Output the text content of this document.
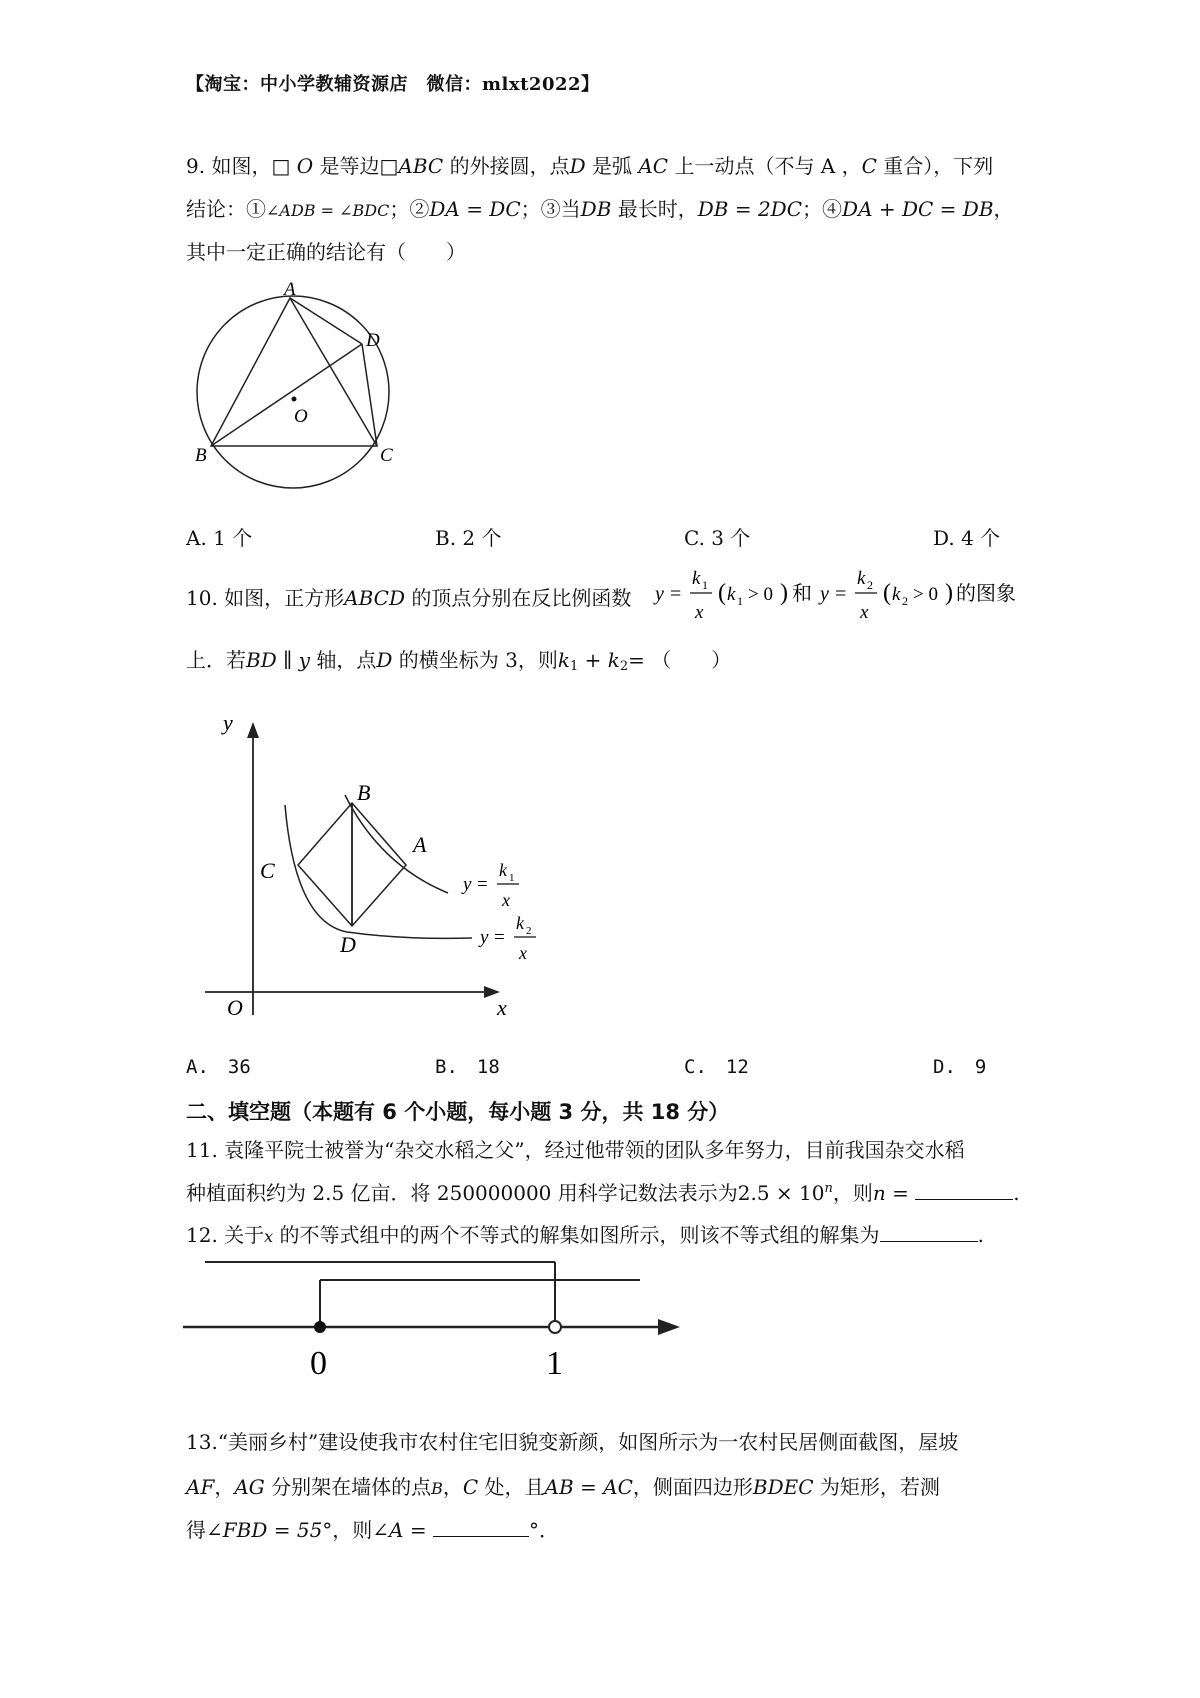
【淘宝：中小学教辅资源店　微信：mlxt2022】
9. 如图，□ O 是等边□ABC 的外接圆，点D 是弧 AC 上一动点（不与 A ，C 重合），下列
结论：①∠ADB = ∠BDC；②DA = DC；③当DB 最长时，DB = 2DC；④DA + DC = DB，
其中一定正确的结论有（　　）
A
D
O
B	C
A. 1 个	B. 2 个	C. 3 个	D. 4 个
10. 如图，正方形ABCD 的顶点分别在反比例函数 y =
k 1
x
( k 1 > 0 ) 和 y =
k 2
x
( k 2 > 0 ) 的图象
上．若BD ∥ y 轴，点D 的横坐标为 3，则$k_1 + k_2=$ （　　）
y
x
O
B
A
C
D
y =
k 1
x
y =
k 2
x
A.　36	B.　18	C.　12	D.　9
二、填空题（本题有 6 个小题，每小题 3 分，共 18 分）
11. 袁隆平院士被誉为“杂交水稻之父”，经过他带领的团队多年努力，目前我国杂交水稻
种植面积约为 2.5 亿亩．将 250000000 用科学记数法表示为$2.5 \times 10^n$，则n =	.
12. 关于x 的不等式组中的两个不等式的解集如图所示，则该不等式组的解集为	.
0	1
13.“美丽乡村”建设使我市农村住宅旧貌变新颜，如图所示为一农村民居侧面截图，屋坡
AF，AG 分别架在墙体的点B，C 处，且AB = AC，侧面四边形BDEC 为矩形，若测
得∠FBD = 55°，则∠A =	°．
